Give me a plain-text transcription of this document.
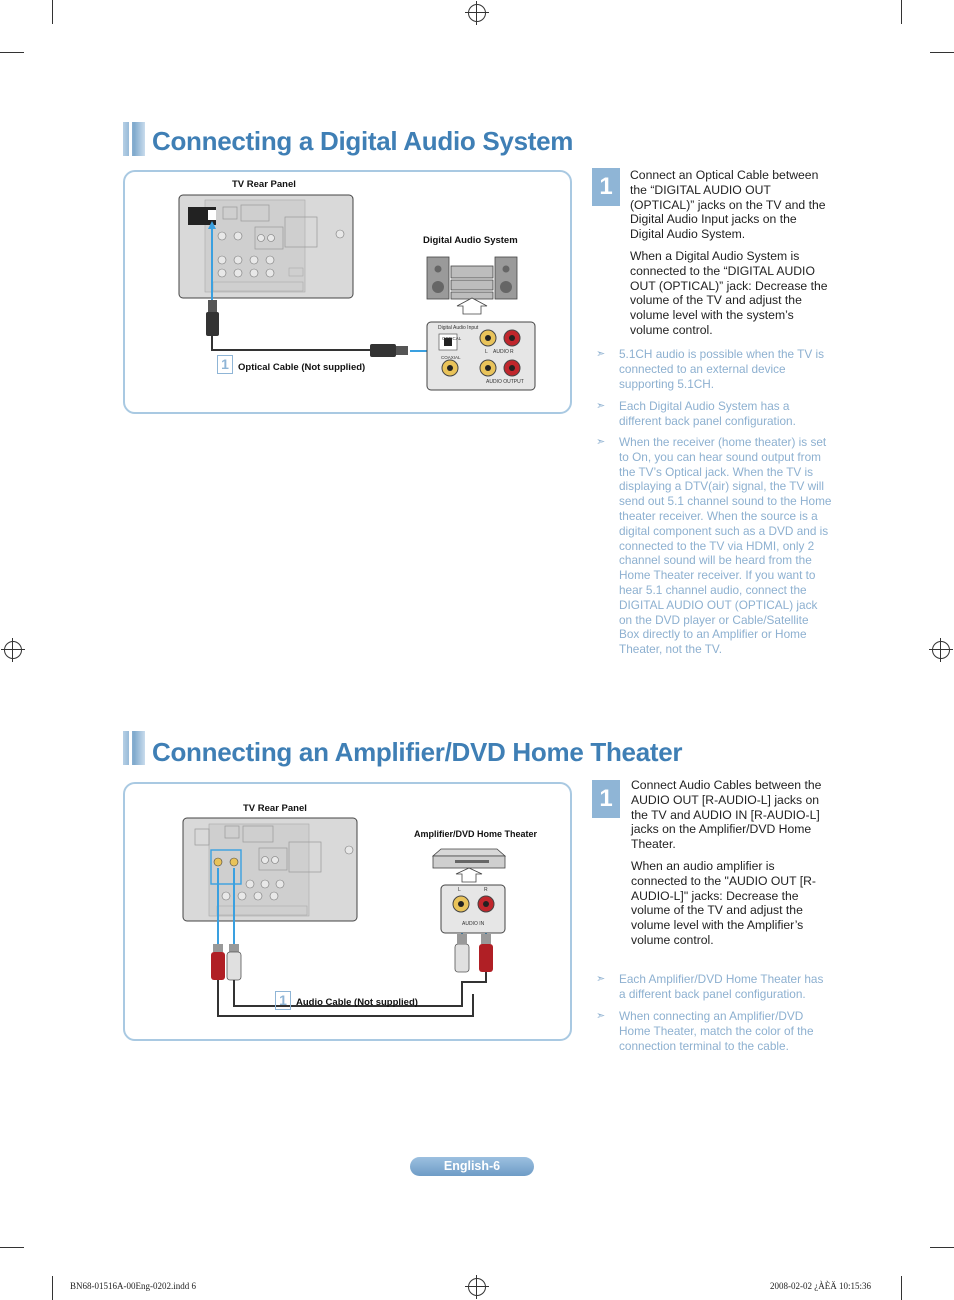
Connecting a Digital Audio System
TV Rear Panel
Digital Audio System
Digital Audio Input
OPTICAL
COAXIAL
L AUDIO R
AUDIO OUTPUT
1 Optical Cable (Not supplied)
1	Connect an Optical Cable between the “DIGITAL AUDIO OUT (OPTICAL)” jacks on the TV and the Digital Audio Input jacks on the Digital Audio System.
When a Digital Audio System is connected to the “DIGITAL AUDIO OUT (OPTICAL)” jack: Decrease the volume of the TV and adjust the volume level with the system’s volume control.
➣ 5.1CH audio is possible when the TV is connected to an external device supporting 5.1CH.
➣ Each Digital Audio System has a different back panel configuration.
➣ When the receiver (home theater) is set to On, you can hear sound output from the TV’s Optical jack. When the TV is displaying a DTV(air) signal, the TV will send out 5.1 channel sound to the Home theater receiver. When the source is a digital component such as a DVD and is connected to the TV via HDMI, only 2 channel sound will be heard from the Home Theater receiver. If you want to hear 5.1 channel audio, connect the DIGITAL AUDIO OUT (OPTICAL) jack on the DVD player or Cable/Satellite Box directly to an Amplifier or Home Theater, not the TV.
Connecting an Amplifier/DVD Home Theater
TV Rear Panel
Amplifier/DVD Home Theater
L	R
AUDIO IN
1 Audio Cable (Not supplied)
1	Connect Audio Cables between the AUDIO OUT [R-AUDIO-L] jacks on the TV and AUDIO IN [R-AUDIO-L] jacks on the Amplifier/DVD Home Theater.
When an audio amplifier is connected to the "AUDIO OUT [R-AUDIO-L]" jacks: Decrease the volume of the TV and adjust the volume level with the Amplifier’s volume control.
➣ Each Amplifier/DVD Home Theater has a different back panel configuration.
➣ When connecting an Amplifier/DVD Home Theater, match the color of the connection terminal to the cable.
English-6
BN68-01516A-00Eng-0202.indd 6	2008-02-02 ¿ÀÈÄ 10:15:36
